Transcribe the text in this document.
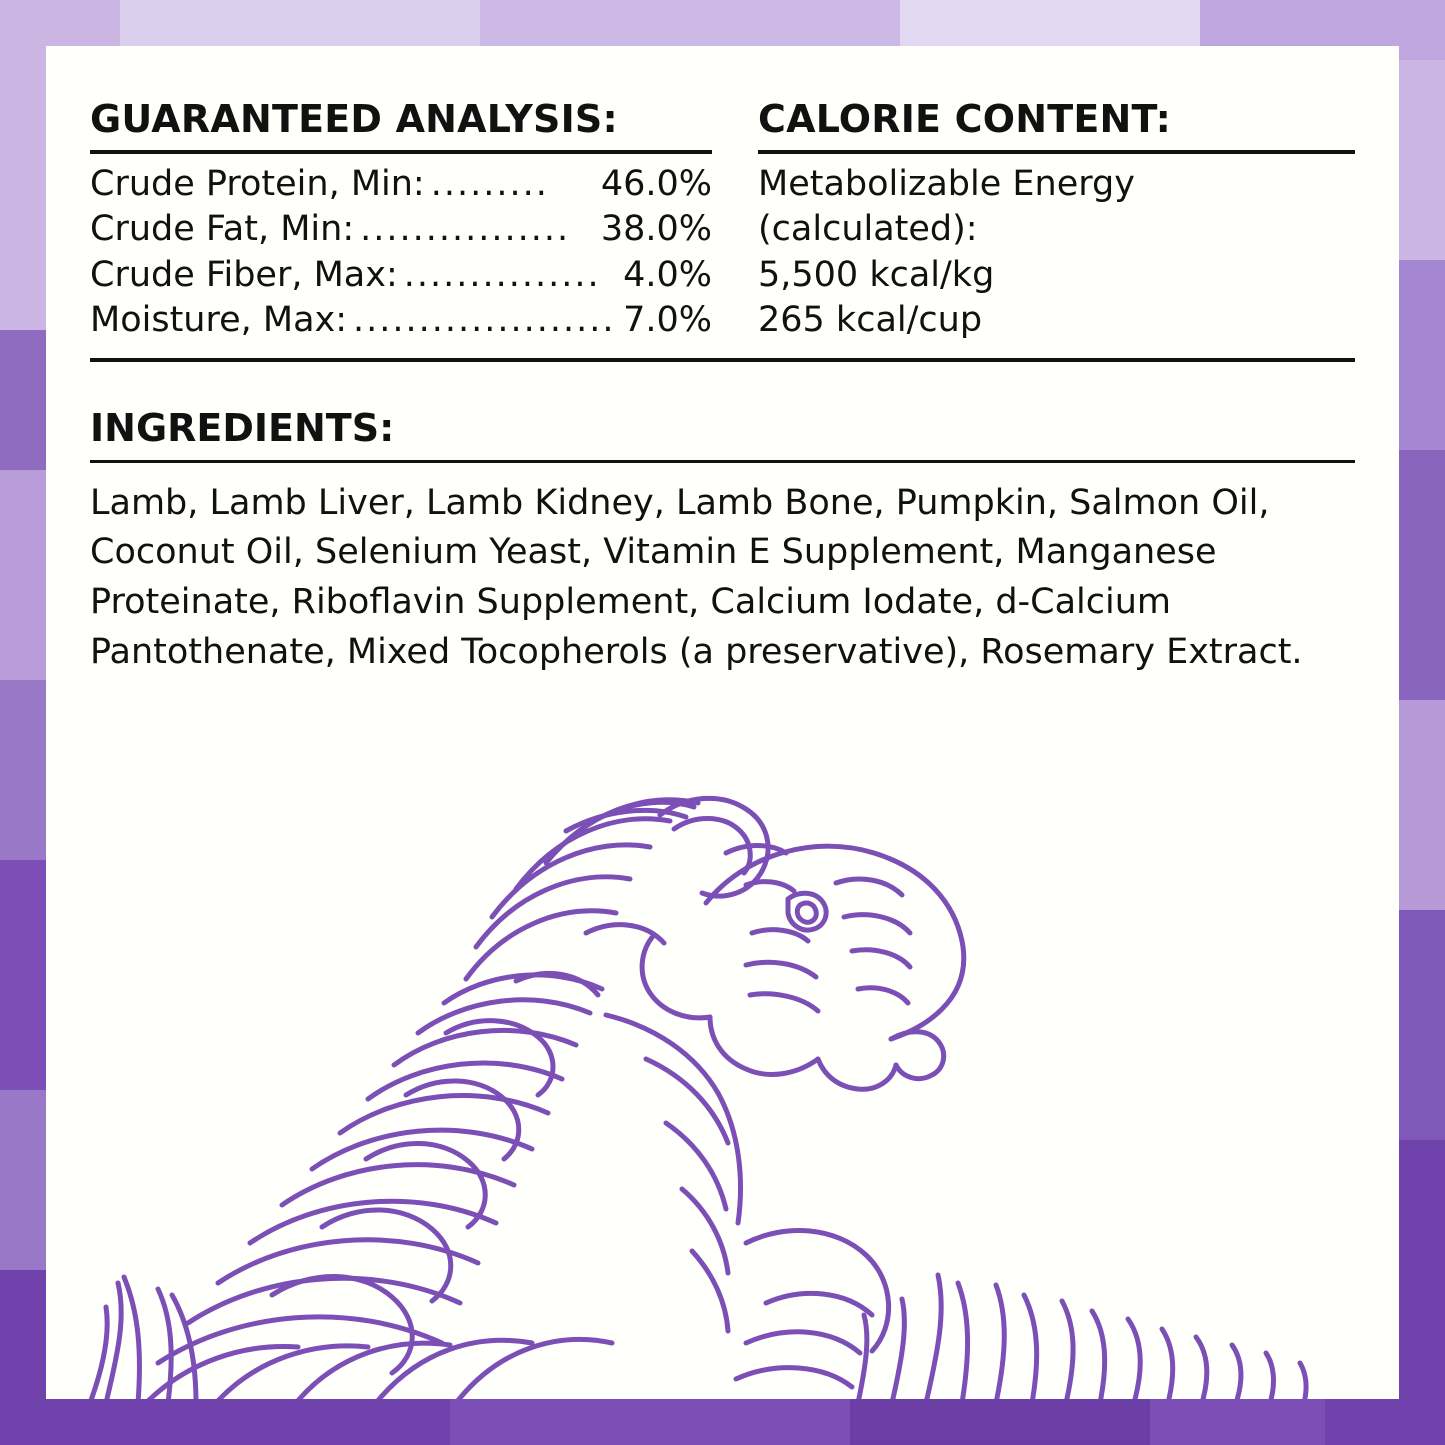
GUARANTEED ANALYSIS:
Crude Protein, Min: .........	46.0%
Crude Fat, Min: ................ 38.0%
Crude Fiber, Max: ............... 4.0%
Moisture, Max: .................... 7.0%
CALORIE CONTENT:
Metabolizable Energy
(calculated):
5,500 kcal/kg
265 kcal/cup
INGREDIENTS:
Lamb, Lamb Liver, Lamb Kidney, Lamb Bone, Pumpkin, Salmon Oil, Coconut Oil, Selenium Yeast, Vitamin E Supplement, Manganese Proteinate, Riboflavin Supplement, Calcium Iodate, d-Calcium Pantothenate, Mixed Tocopherols (a preservative), Rosemary Extract.
